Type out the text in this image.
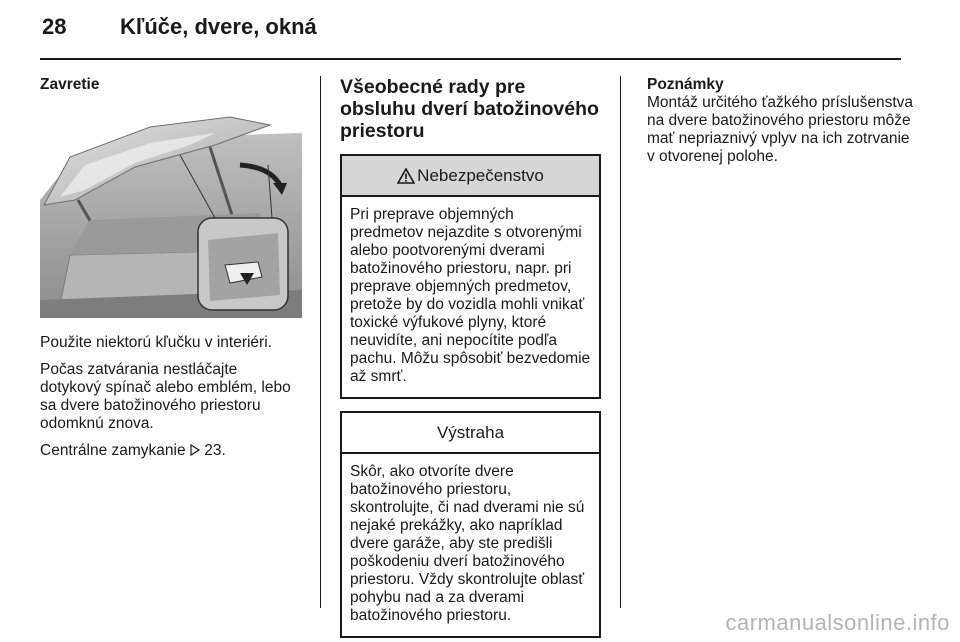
28 Kľúče, dvere, okná

Zavretie

Použite niektorú kľučku v interiéri.

Počas zatvárania nestláčajte dotykový spínač alebo emblém, lebo sa dvere batožinového priestoru odomknú znova.

Centrálne zamykanie  23.

Všeobecné rady pre obsluhu dverí batožinového priestoru

Nebezpečenstvo
Pri preprave objemných predmetov nejazdite s otvorenými alebo pootvorenými dverami batožinového priestoru, napr. pri preprave objemných predmetov, pretože by do vozidla mohli vnikať toxické výfukové plyny, ktoré neuvidíte, ani nepocítite podľa pachu. Môžu spôsobiť bezvedomie až smrť.
Výstraha
Skôr, ako otvoríte dvere batožinového priestoru, skontrolujte, či nad dverami nie sú nejaké prekážky, ako napríklad dvere garáže, aby ste predišli poškodeniu dverí batožinového priestoru. Vždy skontrolujte oblasť pohybu nad a za dverami batožinového priestoru.

Poznámky

Montáž určitého ťažkého príslušenstva na dvere batožinového priestoru môže mať nepriaznivý vplyv na ich zotrvanie v otvorenej polohe.

carmanualsonline.info
